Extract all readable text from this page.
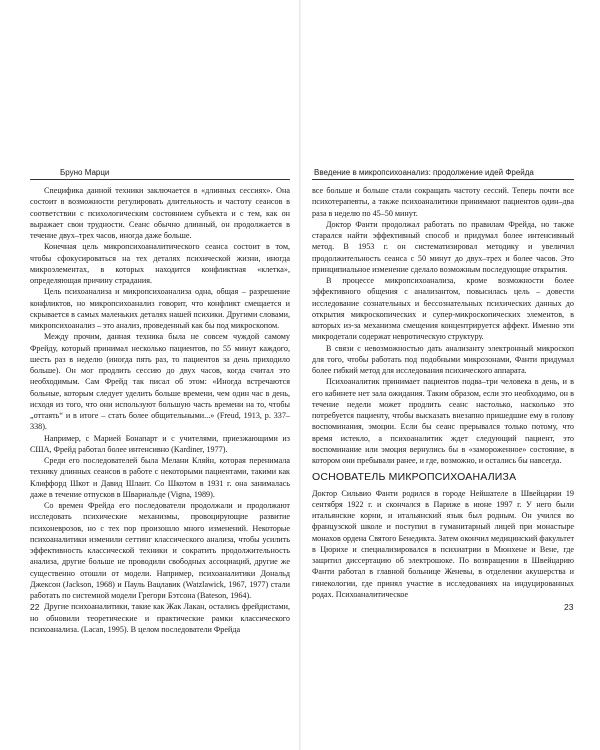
Бруно Марци

Специфика данной техники заключается в «длинных сессиях». Она состоит в возможности регулировать длительность и частоту сеансов в соответствии с психологическим состоянием субъекта и с тем, как он выражает свои трудности. Сеанс обычно длинный, он продолжается в течение двух–трех часов, иногда даже больше.

Конечная цель микропсихоаналитического сеанса состоит в том, чтобы сфокусироваться на тех деталях психической жизни, иногда микроэлементах, в которых находится конфликтная «клетка», определяющая причину страдания.

Цель психоанализа и микропсихоанализа одна, общая – разрешение конфликтов, но микропсихоанализ говорит, что конфликт смещается и скрывается в самых маленьких деталях нашей психики. Другими словами, микропсихоанализ – это анализ, проведенный как бы под микроскопом.

Между прочим, данная техника была не совсем чуждой самому Фрейду, который принимал несколько пациентов, по 55 минут каждого, шесть раз в неделю (иногда пять раз, то пациентов за день приходило больше). Он мог продлить сессию до двух часов, когда считал это необходимым. Сам Фрейд так писал об этом: «Иногда встречаются больные, которым следует уделить больше времени, чем один час в день, исходя из того, что они используют большую часть времени на то, чтобы „оттаять“ и в итоге – стать более общительными...» (Freud, 1913, р. 337–338).

Например, с Марией Бонапарт и с учителями, приезжающими из США, Фрейд работал более интенсивно (Kardiner, 1977).

Среди его последователей была Мелани Кляйн, которая перенимала технику длинных сеансов в работе с некоторыми пациентами, такими как Клиффорд Шкот и Давид Шлаит. Со Шкотом в 1931 г. она занималась даже в течение отпусков в Швариальде (Vigna, 1989).

Со времен Фрейда его последователи продолжали и продолжают исследовать психические механизмы, провоцирующие развитие психоневрозов, но с тех пор произошло много изменений. Некоторые психоаналитики изменили сеттинг классического анализа, чтобы усилить эффективность классической техники и сократить продолжительность анализа, другие больше не проводили свободных ассоциаций, другие же существенно отошли от модели. Например, психоаналитики Дональд Джексон (Jackson, 1968) и Пауль Вацлавик (Watzlawick, 1967, 1977) стали работать по системной модели Грегори Бэтсона (Bateson, 1964).

Другие психоаналитики, такие как Жак Лакан, остались фрейдистами, но обновили теоретические и практические рамки классического психоанализа. (Lacan, 1995). В целом последователи Фрейда

22
Введение в микропсихоанализ: продолжение идей Фрейда

все больше и больше стали сокращать частоту сессий. Теперь почти все психотерапевты, а также психоаналитики принимают пациентов один–два раза в неделю по 45–50 минут.

Доктор Фанти продолжал работать по правилам Фрейда, но также старался найти эффективный способ и придумал более интенсивный метод. В 1953 г. он систематизировал методику и увеличил продолжительность сеанса с 50 минут до двух–трех и более часов. Это принципиальное изменение сделало возможным последующие открытия.

В процессе микропсихоанализа, кроме возможности более эффективного общения с анализантом, повысилась цель – довести исследование сознательных и бессознательных психических данных до открытия микроскопических и супер-микроскопических элементов, в которых из-за механизма смещения концентрируется аффект. Именно эти микродетали содержат невротическую структуру.

В связи с невозможностью дать анализанту электронный микроскоп для того, чтобы работать под подобными микрозонами, Фанти придумал более гибкий метод для исследования психического аппарата.

Психоаналитик принимает пациентов подва–три человека в день, и в его кабинете нет зала ожидания. Таким образом, если это необходимо, он в течение недели может продлить сеанс настолько, насколько это потребуется пациенту, чтобы высказать внезапно пришедшие ему в голову воспоминания, эмоции. Если бы сеанс прерывался только потому, что время истекло, а психоаналитик ждет следующий пациент, это воспоминание или эмоция вернулись бы в «замороженное» состояние, в котором они пребывали ранее, и где, возможно, и остались бы навсегда.

ОСНОВАТЕЛЬ МИКРОПСИХОАНАЛИЗА

Доктор Сильвио Фанти родился в городе Нейшателе в Швейцарии 19 сентября 1922 г. и скончался в Париже в июне 1997 г. У него были итальянские корни, и итальянский язык был родным. Он учился во французской школе и поступил в гуманитарный лицей при монастыре монахов ордена Святого Бенедикта. Затем окончил медицинский факультет в Цюрихе и специализировался в психиатрии в Мюнхене и Вене, где защитил диссертацию об электрошоке. По возвращении в Швейцарию Фанти работал в главной больнице Женевы, в отделении акушерства и гинекологии, где принял участие в исследованиях на индуцированных родах. Психоаналитическое

23
